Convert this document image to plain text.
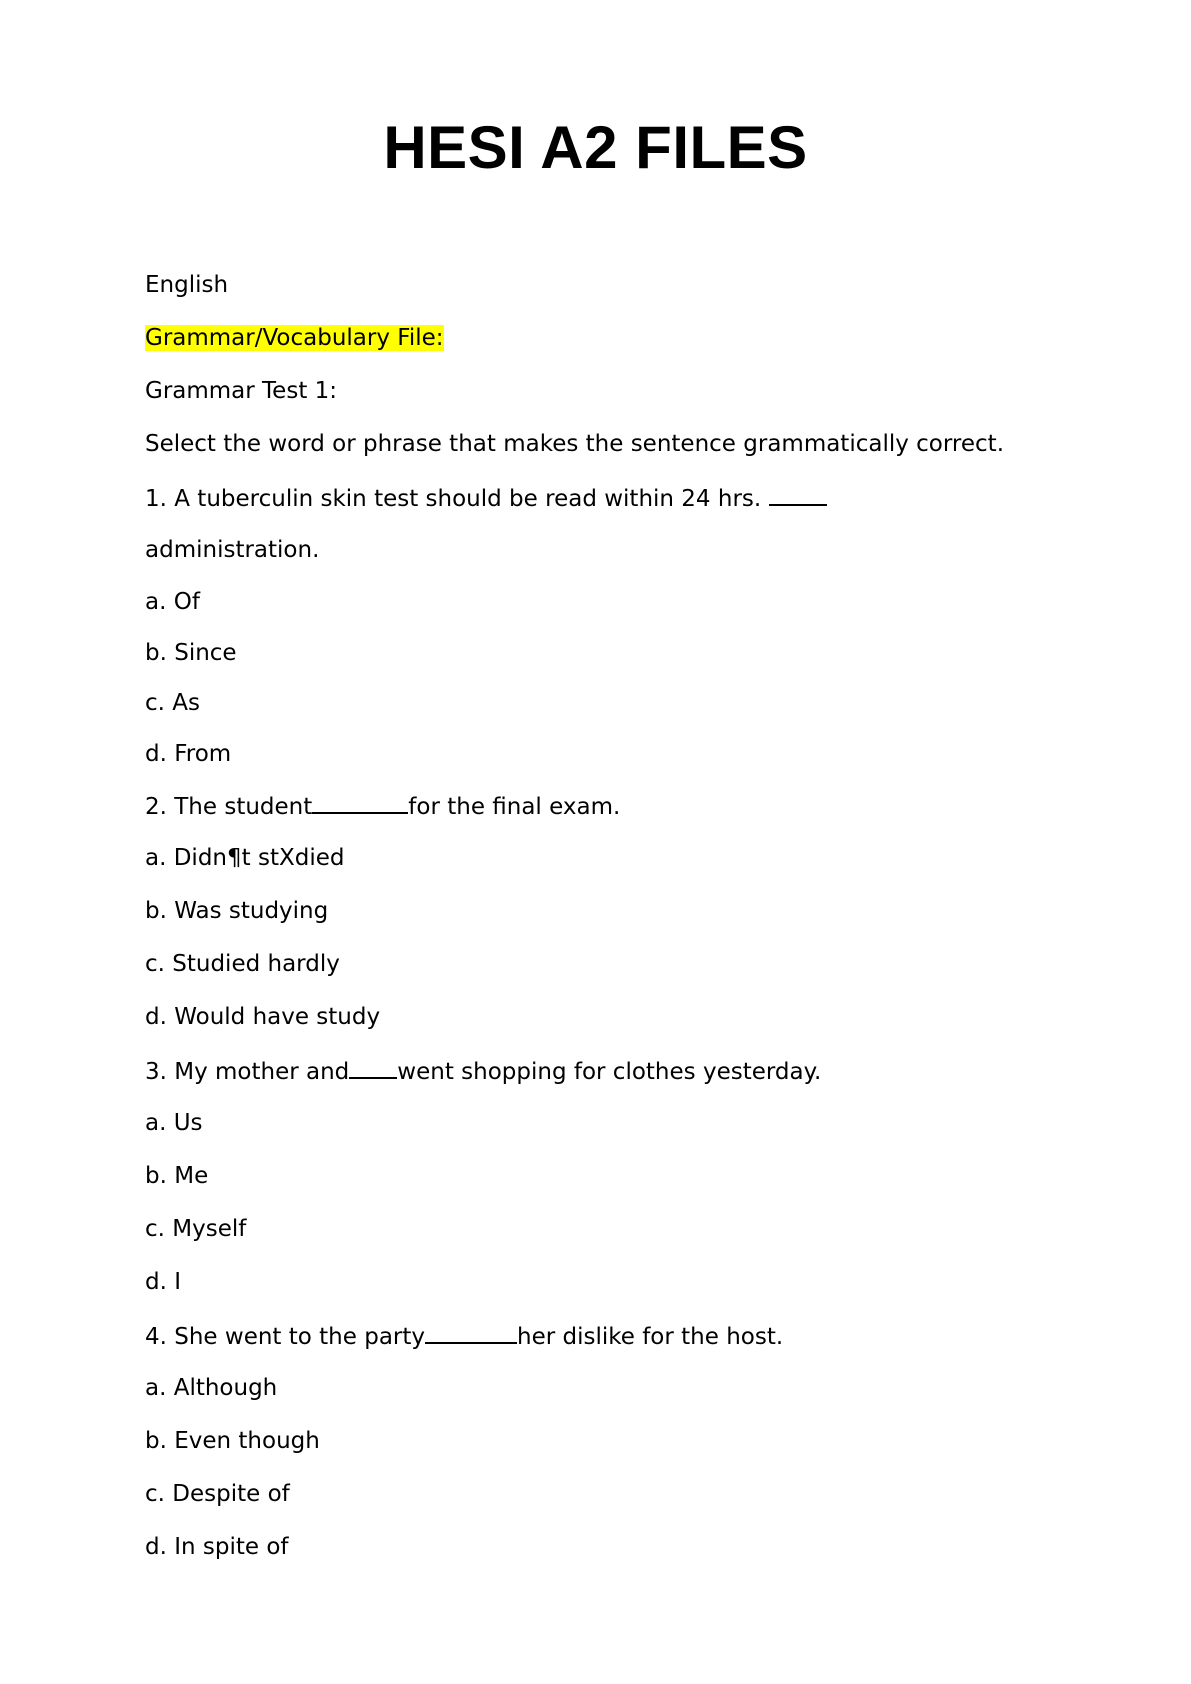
HESI A2 FILES
English
Grammar/Vocabulary File:
Grammar Test 1:
Select the word or phrase that makes the sentence grammatically correct.
1. A tuberculin skin test should be read within 24 hrs.
administration.
a. Of
b. Since
c. As
d. From
2. The student	for the final exam.
a. Didn¶t stXdied
b. Was studying
c. Studied hardly
d. Would have study
3. My mother and went shopping for clothes yesterday.
a. Us
b. Me
c. Myself
d. I
4. She went to the party	her dislike for the host.
a. Although
b. Even though
c. Despite of
d. In spite of
